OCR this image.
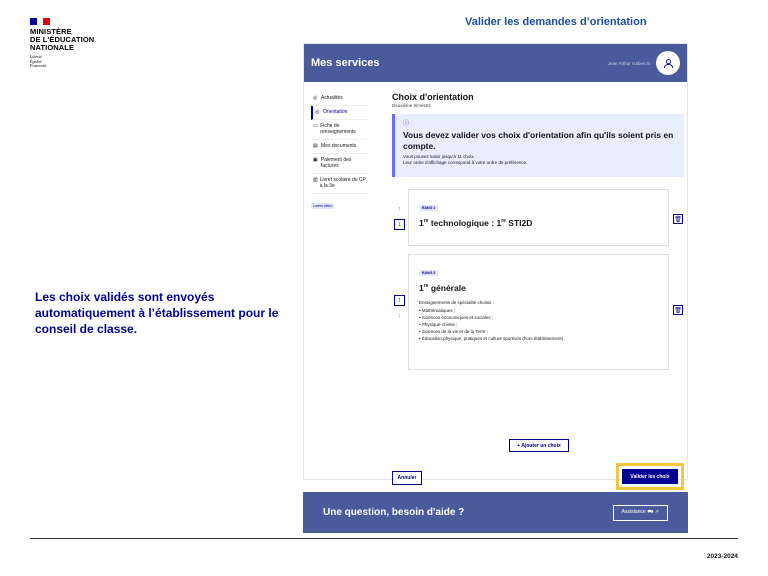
MINISTÈRE
DE L'ÉDUCATION
NATIONALE
Liberté
Égalité
Fraternité
Valider les demandes d’orientation
Les choix validés sont envoyés automatiquement à l’établissement pour le conseil de classe.
Mes services	Jean Arthur Isabert B
◎ Actualités
◎ Orientation
▭ Fiche de renseignements
▤ Mes documents
▣ Paiement des factures
▥ Livret scolaire du CP à la 3e
Lorem video
Choix d'orientation
Deuxième trimestre
ⓘ
Vous devez valider vos choix d'orientation afin qu'ils soient pris en compte.
Vous pouvez saisir jusqu'à 11 choix.
Leur ordre d'affichage correspond à votre ordre de préférence.
↑
↓
RANG 1
1re technologique : 1re STI2D	🗑
↑
↓
RANG 2
1re générale
Enseignements de spécialité choisis :
• Mathématiques ;
• Sciences économiques et sociales ;
• Physique-chimie ;
• Sciences de la vie et de la Terre ;
• Éducation physique, pratiques et culture sportives (hors établissement) .
🗑
+ Ajouter un choix
Annuler	Valider les choix
Une question, besoin d'aide ?	Assistance 🗪 ↗
2023-2024
